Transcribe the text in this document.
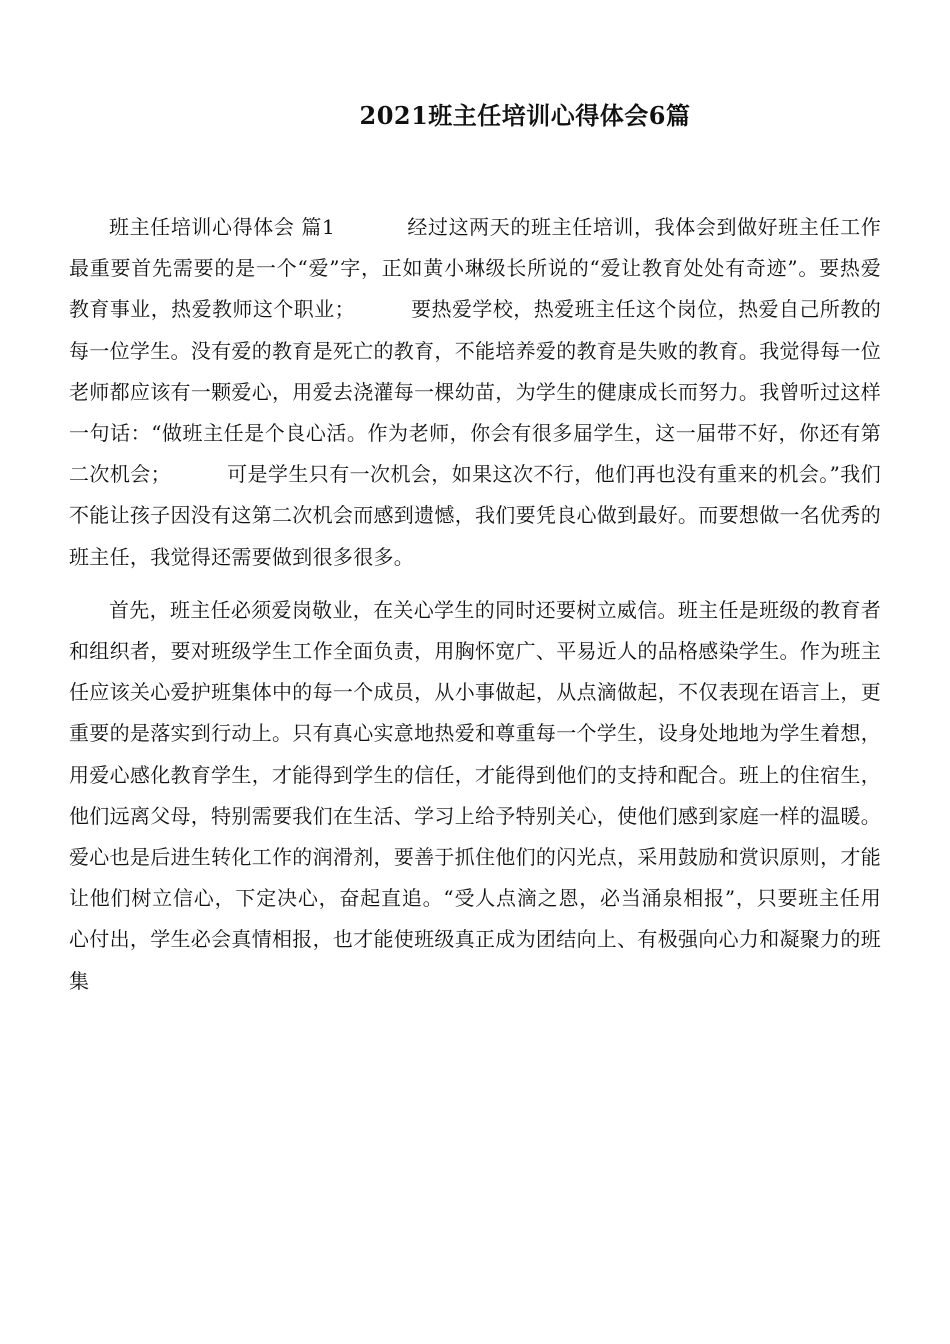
2021班主任培训心得体会6篇

班主任培训心得体会 篇1	经过这两天的班主任培训，我体会到做好班主任工作最重要首先需要的是一个“爱”字，正如黄小琳级长所说的“爱让教育处处有奇迹”。要热爱教育事业，热爱教师这个职业；	要热爱学校，热爱班主任这个岗位，热爱自己所教的每一位学生。没有爱的教育是死亡的教育，不能培养爱的教育是失败的教育。我觉得每一位老师都应该有一颗爱心，用爱去浇灌每一棵幼苗，为学生的健康成长而努力。我曾听过这样一句话：“做班主任是个良心活。作为老师，你会有很多届学生，这一届带不好，你还有第二次机会；	可是学生只有一次机会，如果这次不行，他们再也没有重来的机会。”我们不能让孩子因没有这第二次机会而感到遗憾，我们要凭良心做到最好。而要想做一名优秀的班主任，我觉得还需要做到很多很多。

首先，班主任必须爱岗敬业，在关心学生的同时还要树立威信。班主任是班级的教育者和组织者，要对班级学生工作全面负责，用胸怀宽广、平易近人的品格感染学生。作为班主任应该关心爱护班集体中的每一个成员，从小事做起，从点滴做起，不仅表现在语言上，更重要的是落实到行动上。只有真心实意地热爱和尊重每一个学生，设身处地地为学生着想，用爱心感化教育学生，才能得到学生的信任，才能得到他们的支持和配合。班上的住宿生，他们远离父母，特别需要我们在生活、学习上给予特别关心，使他们感到家庭一样的温暖。爱心也是后进生转化工作的润滑剂，要善于抓住他们的闪光点，采用鼓励和赏识原则，才能让他们树立信心，下定决心，奋起直追。“受人点滴之恩，必当涌泉相报”，只要班主任用心付出，学生必会真情相报，也才能使班级真正成为团结向上、有极强向心力和凝聚力的班集
